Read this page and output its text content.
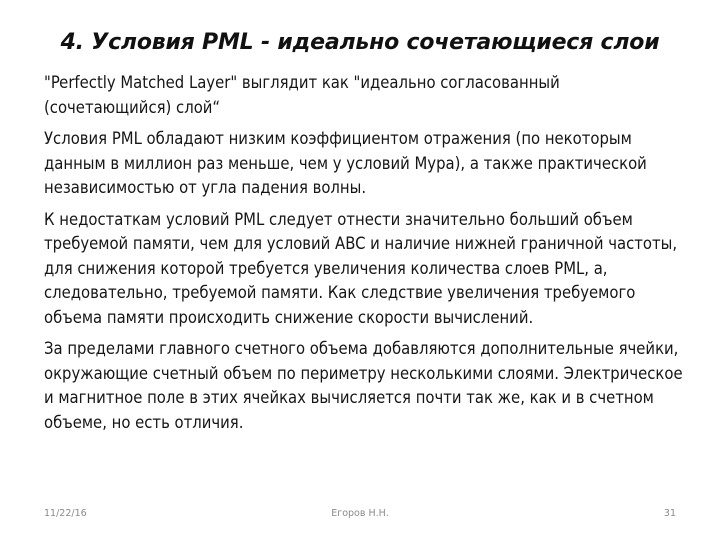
4. Условия PML - идеально сочетающиеся слои

"Perfectly Matched Layer" выглядит как "идеально согласованный (сочетающийся) слой“

Условия PML обладают низким коэффициентом отражения (по некоторым данным в миллион раз меньше, чем у условий Мура), а также практической независимостью от угла падения волны.

К недостаткам условий PML следует отнести значительно больший объем требуемой памяти, чем для условий ABC и наличие нижней граничной частоты, для снижения которой требуется увеличения количества слоев PML, а, следовательно, требуемой памяти. Как следствие увеличения требуемого объема памяти происходить снижение скорости вычислений.

За пределами главного счетного объема добавляются дополнительные ячейки, окружающие счетный объем по периметру несколькими слоями. Электрическое и магнитное поле в этих ячейках вычисляется почти так же, как и в счетном объеме, но есть отличия.

11/22/16	Егоров Н.Н.	31
